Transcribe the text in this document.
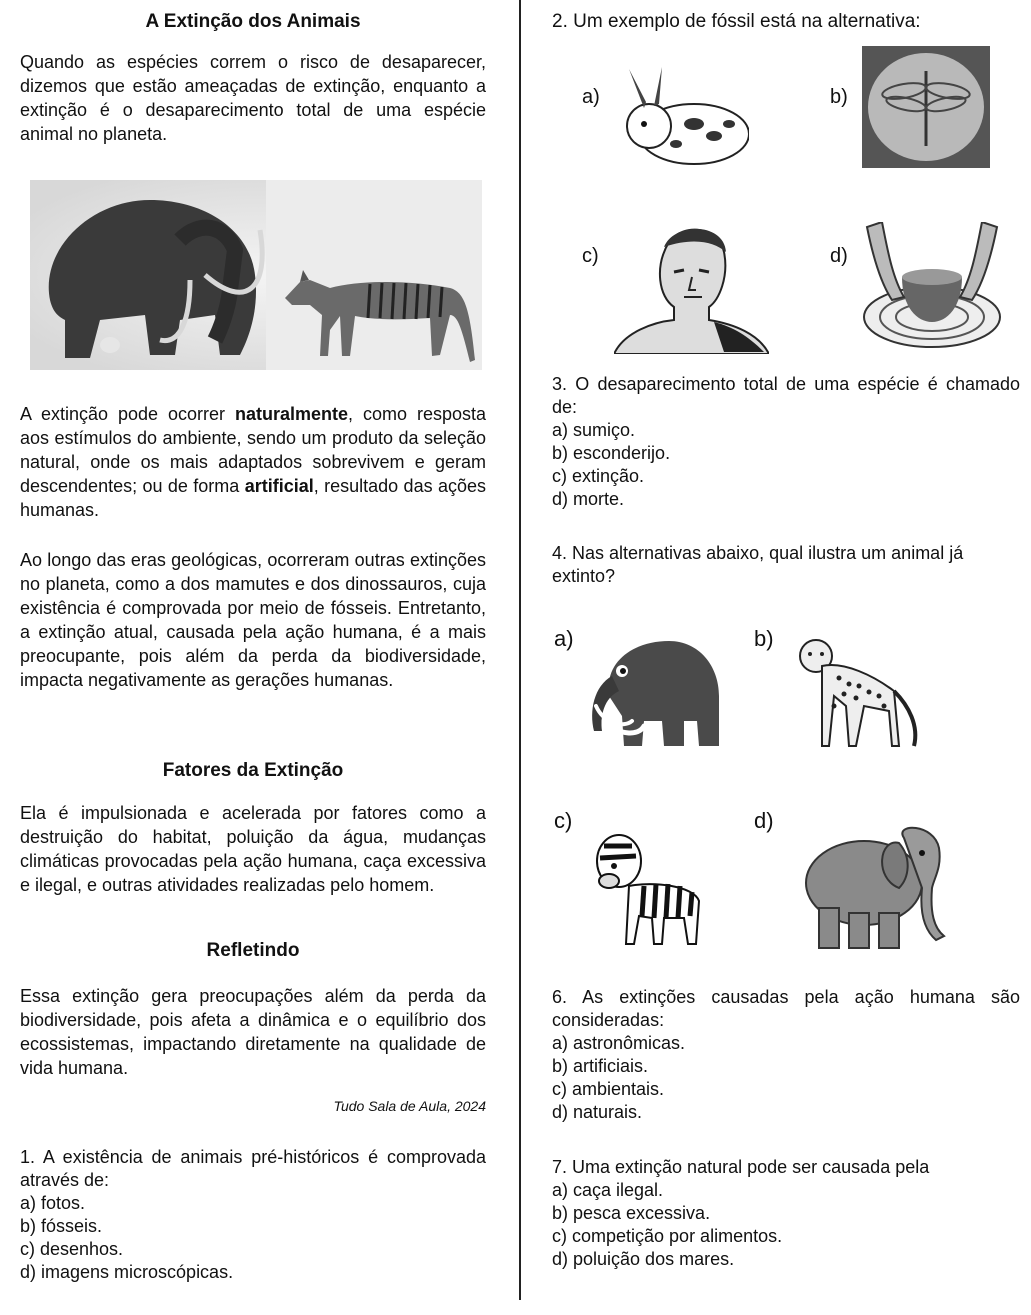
A Extinção dos Animais

Quando as espécies correm o risco de desaparecer, dizemos que estão ameaçadas de extinção, enquanto a extinção é o desaparecimento total de uma espécie animal no planeta.

A extinção pode ocorrer naturalmente, como resposta aos estímulos do ambiente, sendo um produto da seleção natural, onde os mais adaptados sobrevivem e geram descendentes; ou de forma artificial, resultado das ações humanas.

Ao longo das eras geológicas, ocorreram outras extinções no planeta, como a dos mamutes e dos dinossauros, cuja existência é comprovada por meio de fósseis. Entretanto, a extinção atual, causada pela ação humana, é a mais preocupante, pois além da perda da biodiversidade, impacta negativamente as gerações humanas.

Fatores da Extinção

Ela é impulsionada e acelerada por fatores como a destruição do habitat, poluição da água, mudanças climáticas provocadas pela ação humana, caça excessiva e ilegal, e outras atividades realizadas pelo homem.

Refletindo

Essa extinção gera preocupações além da perda da biodiversidade, pois afeta a dinâmica e o equilíbrio dos ecossistemas, impactando diretamente na qualidade de vida humana.

Tudo Sala de Aula, 2024
1. A existência de animais pré-históricos é comprovada através de:
a) fotos.
b) fósseis.
c) desenhos.
d) imagens microscópicas.
2. Um exemplo de fóssil está na alternativa:
a)	b)
c)	d)
3. O desaparecimento total de uma espécie é chamado de:
a) sumiço.
b) esconderijo.
c) extinção.
d) morte.
4. Nas alternativas abaixo, qual ilustra um animal já extinto?
a)	b)
c)	d)
6. As extinções causadas pela ação humana são consideradas:
a) astronômicas.
b) artificiais.
c) ambientais.
d) naturais.
7. Uma extinção natural pode ser causada pela
a) caça ilegal.
b) pesca excessiva.
c) competição por alimentos.
d) poluição dos mares.
